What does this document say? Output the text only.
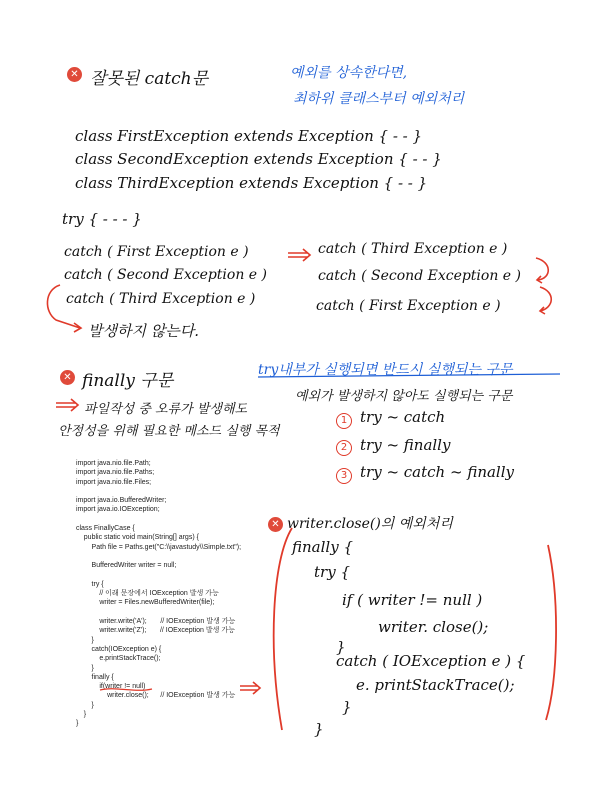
✕ 잘못된 catch문	예외를 상속한다면,
최하위 클래스부터 예외처리
class FirstException extends Exception { - - }
class SecondException extends Exception { - - }
class ThirdException extends Exception { - - }
try { - - - }
catch ( First Exception e )
catch ( Second Exception e )
catch ( Third Exception e )
catch ( Third Exception e )
catch ( Second Exception e )
catch ( First Exception e )
발생하지 않는다.
✕ finally 구문
try내부가 실행되면 반드시 실행되는 구문
예외가 발생하지 않아도 실행되는 구문
파일작성 중 오류가 발생해도
안정성을 위해 필요한 메소드 실행 목적
1 try ~ catch
2 try ~ finally
3 try ~ catch ~ finally
import java.nio.file.Path;
import java.nio.file.Paths;
import java.nio.file.Files;
import java.io.BufferedWriter;
import java.io.IOException;
class FinallyCase {
public static void main(String[] args) {
Path file = Paths.get("C:\\javastudy\\Simple.txt");
BufferedWriter writer = null;
try {
// 이래 문장에서 IOException 발생 가능
writer = Files.newBufferedWriter(file);
writer.write('A');       // IOException 발생 가능
writer.write('Z');       // IOException 발생 가능
}
catch(IOException e) {
e.printStackTrace();
}
finally {
if(writer != null)
writer.close();      // IOException 발생 가능
}
}
}
✕ writer.close()의 예외처리
finally {
try {
if ( writer != null )
writer. close();
}
catch ( IOException e ) {
e. printStackTrace();
}
}
